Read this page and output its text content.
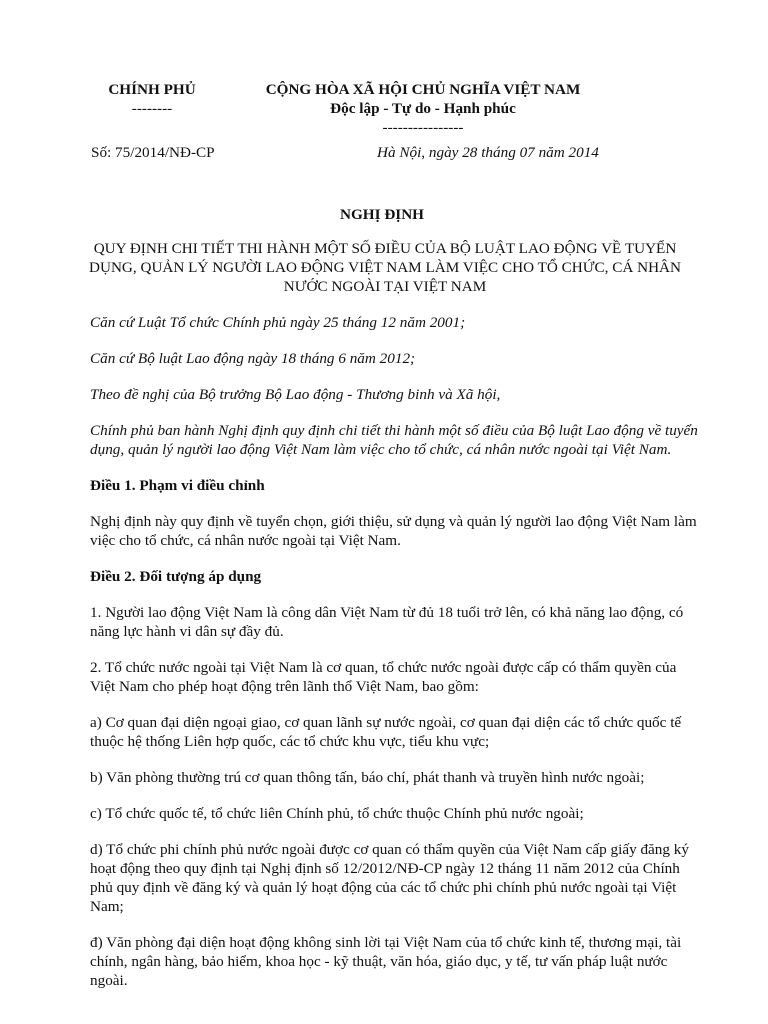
CHÍNH PHỦ
--------
CỘNG HÒA XÃ HỘI CHỦ NGHĨA VIỆT NAM
Độc lập - Tự do - Hạnh phúc
----------------
Số: 75/2014/NĐ-CP	Hà Nội, ngày 28 tháng 07 năm 2014
NGHỊ ĐỊNH
QUY ĐỊNH CHI TIẾT THI HÀNH MỘT SỐ ĐIỀU CỦA BỘ LUẬT LAO ĐỘNG VỀ TUYỂN DỤNG, QUẢN LÝ NGƯỜI LAO ĐỘNG VIỆT NAM LÀM VIỆC CHO TỔ CHỨC, CÁ NHÂN NƯỚC NGOÀI TẠI VIỆT NAM

Căn cứ Luật Tổ chức Chính phủ ngày 25 tháng 12 năm 2001;

Căn cứ Bộ luật Lao động ngày 18 tháng 6 năm 2012;

Theo đề nghị của Bộ trưởng Bộ Lao động - Thương binh và Xã hội,

Chính phủ ban hành Nghị định quy định chi tiết thi hành một số điều của Bộ luật Lao động về tuyển dụng, quản lý người lao động Việt Nam làm việc cho tổ chức, cá nhân nước ngoài tại Việt Nam.

Điều 1. Phạm vi điều chỉnh

Nghị định này quy định về tuyển chọn, giới thiệu, sử dụng và quản lý người lao động Việt Nam làm việc cho tổ chức, cá nhân nước ngoài tại Việt Nam.

Điều 2. Đối tượng áp dụng

1. Người lao động Việt Nam là công dân Việt Nam từ đủ 18 tuổi trở lên, có khả năng lao động, có năng lực hành vi dân sự đầy đủ.

2. Tổ chức nước ngoài tại Việt Nam là cơ quan, tổ chức nước ngoài được cấp có thẩm quyền của Việt Nam cho phép hoạt động trên lãnh thổ Việt Nam, bao gồm:

a) Cơ quan đại diện ngoại giao, cơ quan lãnh sự nước ngoài, cơ quan đại diện các tổ chức quốc tế thuộc hệ thống Liên hợp quốc, các tổ chức khu vực, tiểu khu vực;

b) Văn phòng thường trú cơ quan thông tấn, báo chí, phát thanh và truyền hình nước ngoài;

c) Tổ chức quốc tế, tổ chức liên Chính phủ, tổ chức thuộc Chính phủ nước ngoài;

d) Tổ chức phi chính phủ nước ngoài được cơ quan có thẩm quyền của Việt Nam cấp giấy đăng ký hoạt động theo quy định tại Nghị định số 12/2012/NĐ-CP ngày 12 tháng 11 năm 2012 của Chính phủ quy định về đăng ký và quản lý hoạt động của các tổ chức phi chính phủ nước ngoài tại Việt Nam;

đ) Văn phòng đại diện hoạt động không sinh lời tại Việt Nam của tổ chức kinh tế, thương mại, tài chính, ngân hàng, bảo hiểm, khoa học - kỹ thuật, văn hóa, giáo dục, y tế, tư vấn pháp luật nước ngoài.
